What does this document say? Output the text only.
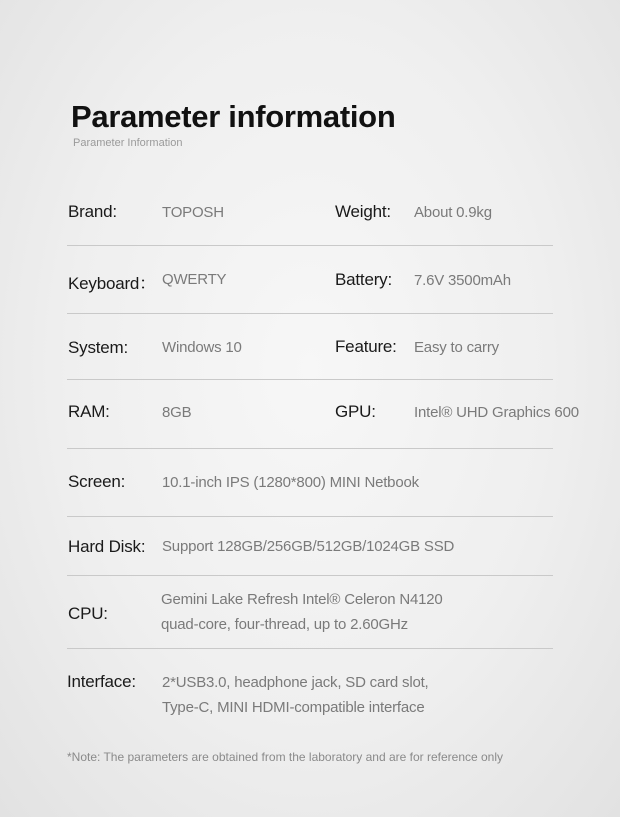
Parameter information
Parameter Information
Brand:	TOPOSH	Weight: About 0.9kg
Keyboard： QWERTY	Battery: 7.6V 3500mAh
System: Windows 10	Feature: Easy to carry
RAM:	8GB	GPU:	Intel® UHD Graphics 600
Screen: 10.1-inch IPS (1280*800) MINI Netbook
Hard Disk: Support 128GB/256GB/512GB/1024GB SSD
CPU:
Gemini Lake Refresh Intel® Celeron N4120
quad-core, four-thread, up to 2.60GHz
Interface: 2*USB3.0, headphone jack, SD card slot,
Type-C, MINI HDMI-compatible interface
*Note: The parameters are obtained from the laboratory and are for reference only
